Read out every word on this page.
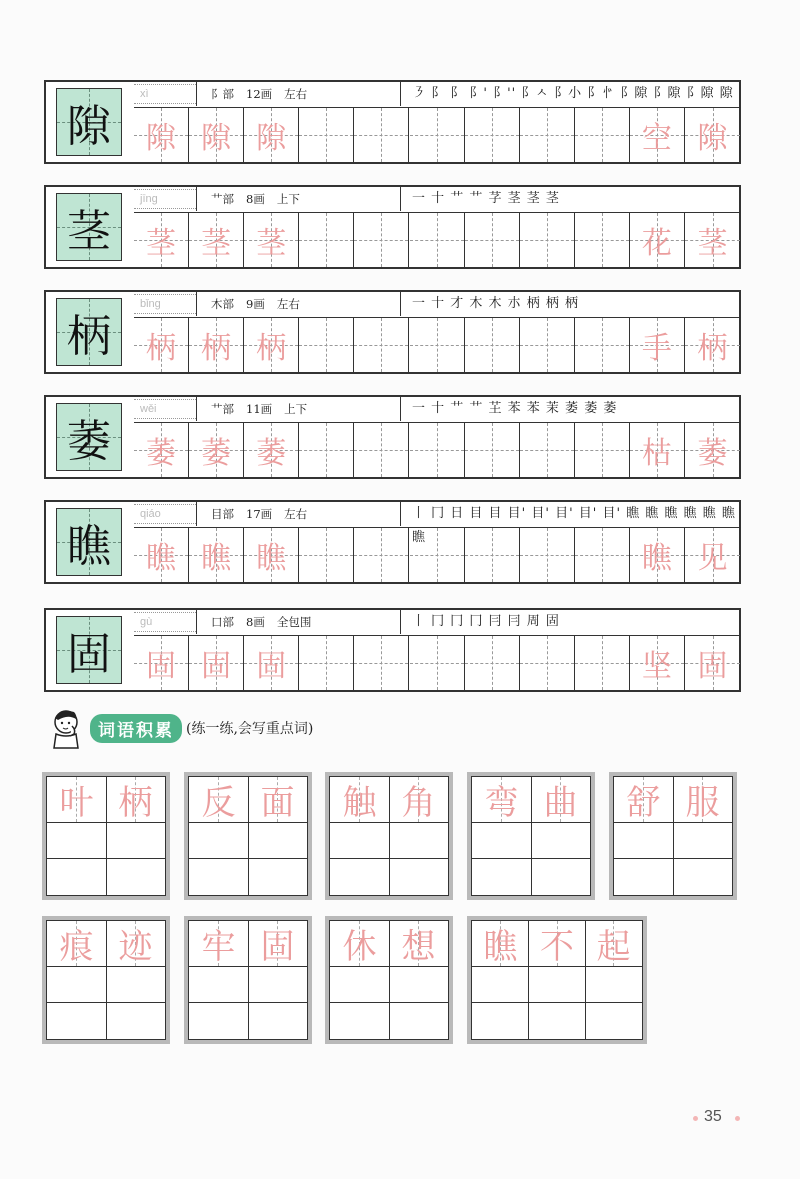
隙
xì	阝部 12画 左右	㇋ 阝 阝 阝' 阝'' 阝ㅅ 阝小 阝㣺 阝隙 阝隙 阝隙 隙
隙 隙 隙	空 隙
茎
jīng	艹部 8画 上下	一 十 艹 艹 芓 茎 茎 茎
茎 茎 茎	花 茎
柄
bǐng	木部 9画 左右	一 十 才 木 木 朩 柄 柄 柄
柄 柄 柄	手 柄
萎
wěi	艹部 11画 上下	一 十 艹 艹 芏 苯 苯 茉 萎 萎 萎
萎 萎 萎	枯 萎
瞧
qiáo	目部 17画 左右	丨 冂 日 目 目 目' 目' 目' 目' 目' 瞧 瞧 瞧 瞧 瞧 瞧 瞧
瞧 瞧 瞧	瞧 见
固
gù	口部 8画 全包围	丨 冂 冂 冂 冃 冃 周 固
固 固 固	坚 固
词语积累 (练一练,会写重点词)
叶 柄 反 面 触 角 弯 曲 舒 服
痕 迹 牢 固 休 想 瞧 不 起
35
